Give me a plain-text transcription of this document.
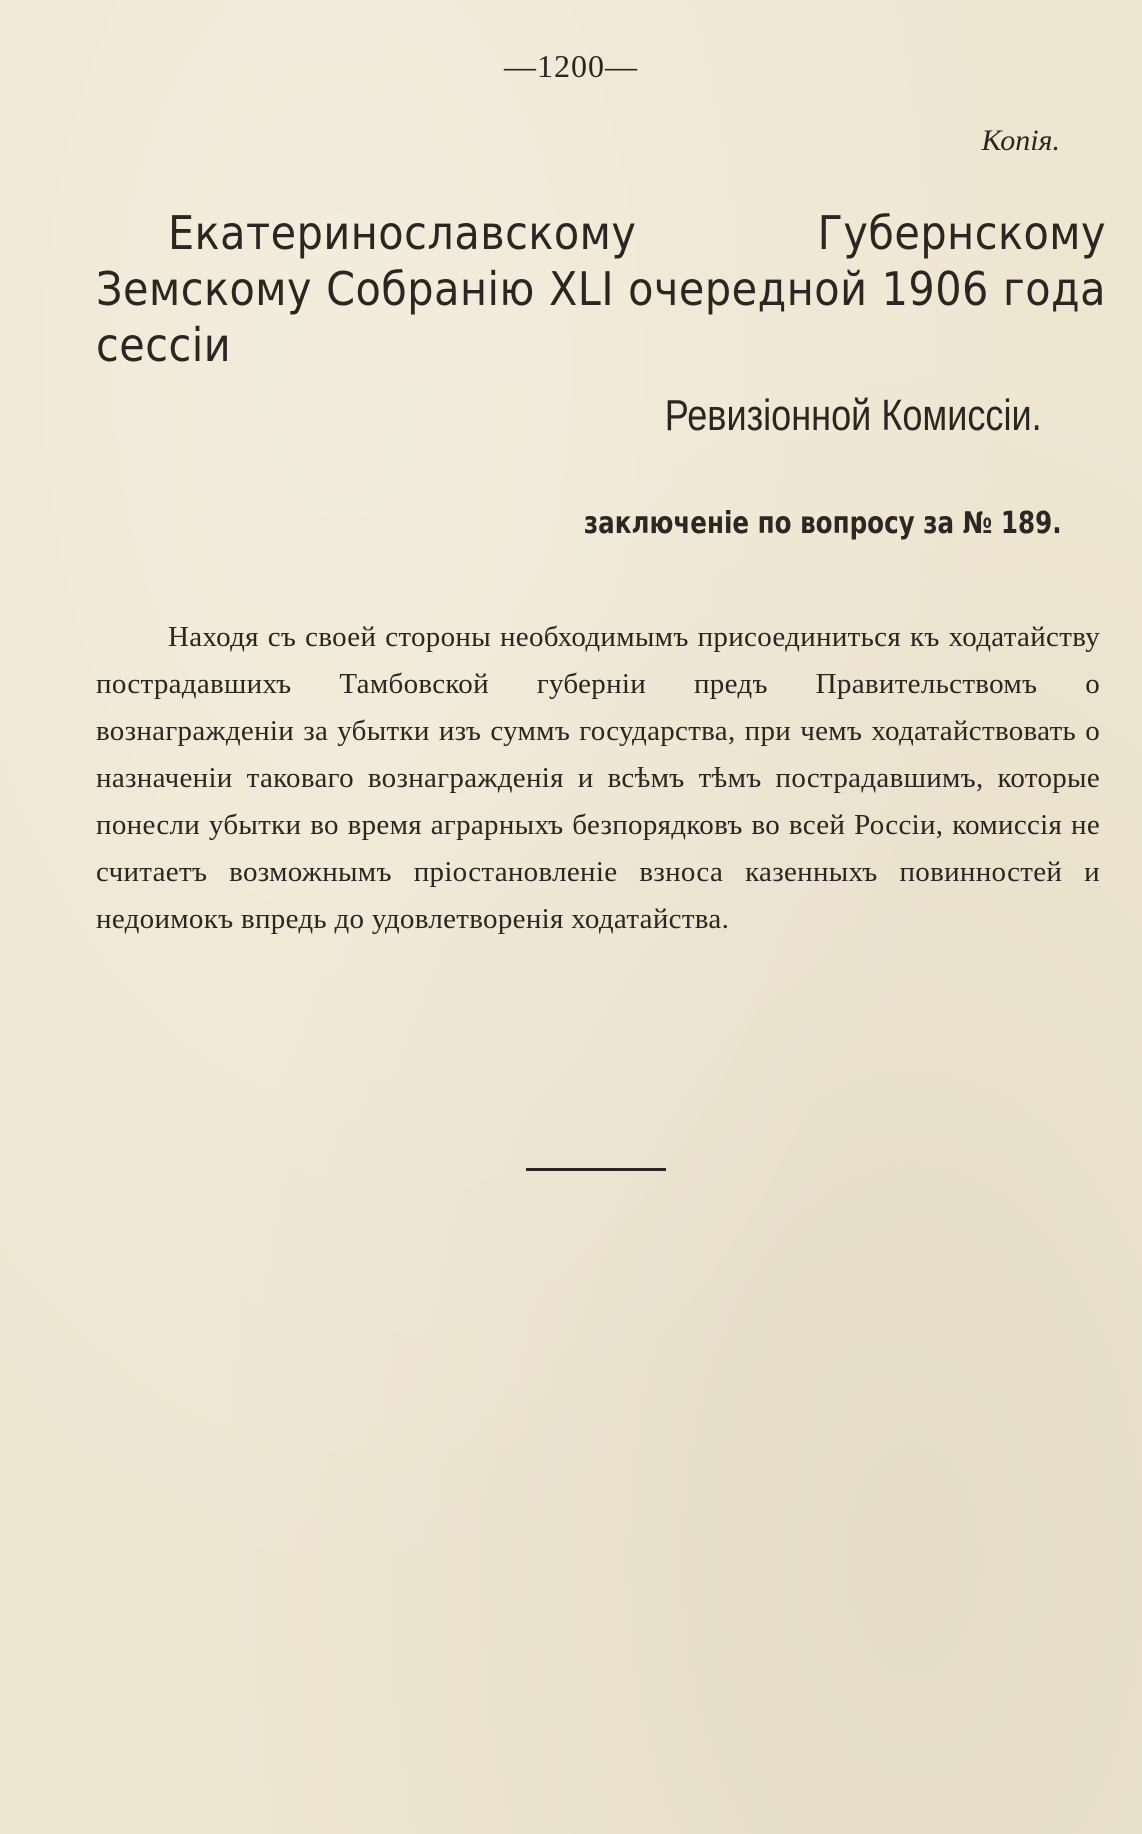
—1200—
Копія.
Екатеринославскому Губернскому Земскому Собранію XLI очередной 1906 года сессіи
Ревизіонной Комиссіи.
заключеніе по вопросу за № 189.
Находя съ своей стороны необходимымъ присоединиться къ ходатайству пострадавшихъ Тамбовской губерніи предъ Правительствомъ о вознагражденіи за убытки изъ суммъ государства, при чемъ ходатайствовать о назначеніи таковаго вознагражденія и всѣмъ тѣмъ пострадавшимъ, которые понесли убытки во время аграрныхъ безпорядковъ во всей Россіи, комиссія не считаетъ возможнымъ пріостановленіе взноса казенныхъ повинностей и недоимокъ впредь до удовлетворенія ходатайства.
